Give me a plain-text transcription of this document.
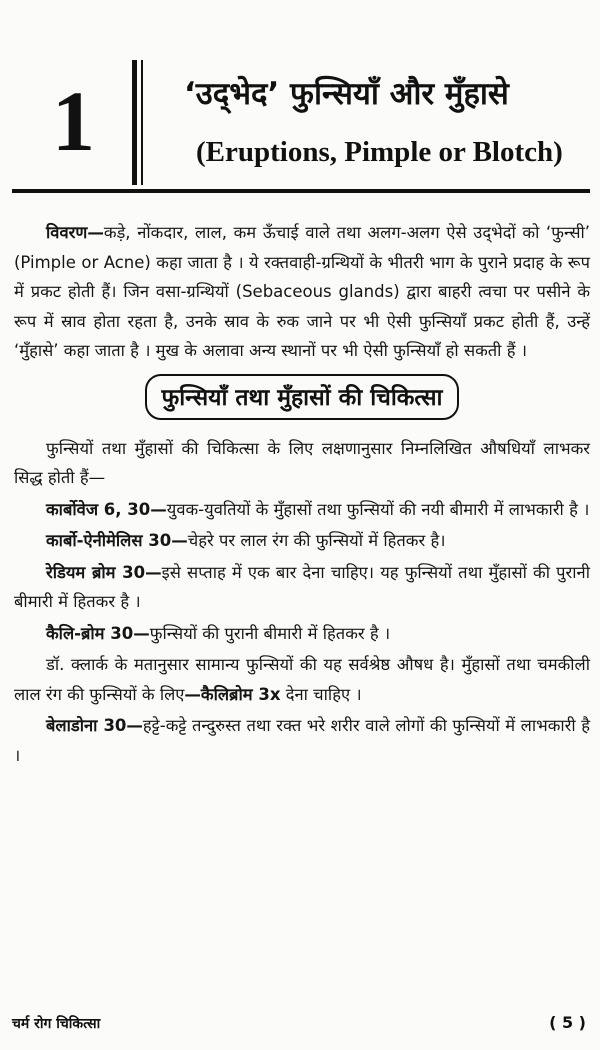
1	‘उद्‌भेद’ फुन्सियाँ और मुँहासे
(Eruptions, Pimple or Blotch)

विवरण—कड़े, नोंकदार, लाल, कम ऊँचाई वाले तथा अलग-अलग ऐसे उद्‌भेदों को ‘फुन्सी’ (Pimple or Acne) कहा जाता है । ये रक्तवाही-ग्रन्थियों के भीतरी भाग के पुराने प्रदाह के रूप में प्रकट होती हैं। जिन वसा-ग्रन्थियों (Sebaceous glands) द्वारा बाहरी त्वचा पर पसीने के रूप में स्राव होता रहता है, उनके स्राव के रुक जाने पर भी ऐसी फुन्सियाँ प्रकट होती हैं, उन्हें ‘मुँहासे’ कहा जाता है । मुख के अलावा अन्य स्थानों पर भी ऐसी फुन्सियाँ हो सकती हैं ।

फुन्सियाँ तथा मुँहासों की चिकित्सा

फुन्सियों तथा मुँहासों की चिकित्सा के लिए लक्षणानुसार निम्नलिखित औषधियाँ लाभकर सिद्ध होती हैं—

कार्बोवेज 6, 30—युवक-युवतियों के मुँहासों तथा फुन्सियों की नयी बीमारी में लाभकारी है ।

कार्बो-ऐनीमेलिस 30—चेहरे पर लाल रंग की फुन्सियों में हितकर है।

रेडियम ब्रोम 30—इसे सप्ताह में एक बार देना चाहिए। यह फुन्सियों तथा मुँहासों की पुरानी बीमारी में हितकर है ।

कैलि-ब्रोम 30—फुन्सियों की पुरानी बीमारी में हितकर है ।

डॉ. क्लार्क के मतानुसार सामान्य फुन्सियों की यह सर्वश्रेष्ठ औषध है। मुँहासों तथा चमकीली लाल रंग की फुन्सियों के लिए—कैलिब्रोम 3x देना चाहिए ।

बेलाडोना 30—हट्टे-कट्टे तन्दुरुस्त तथा रक्त भरे शरीर वाले लोगों की फुन्सियों में लाभकारी है ।

चर्म रोग चिकित्सा	( 5 )
